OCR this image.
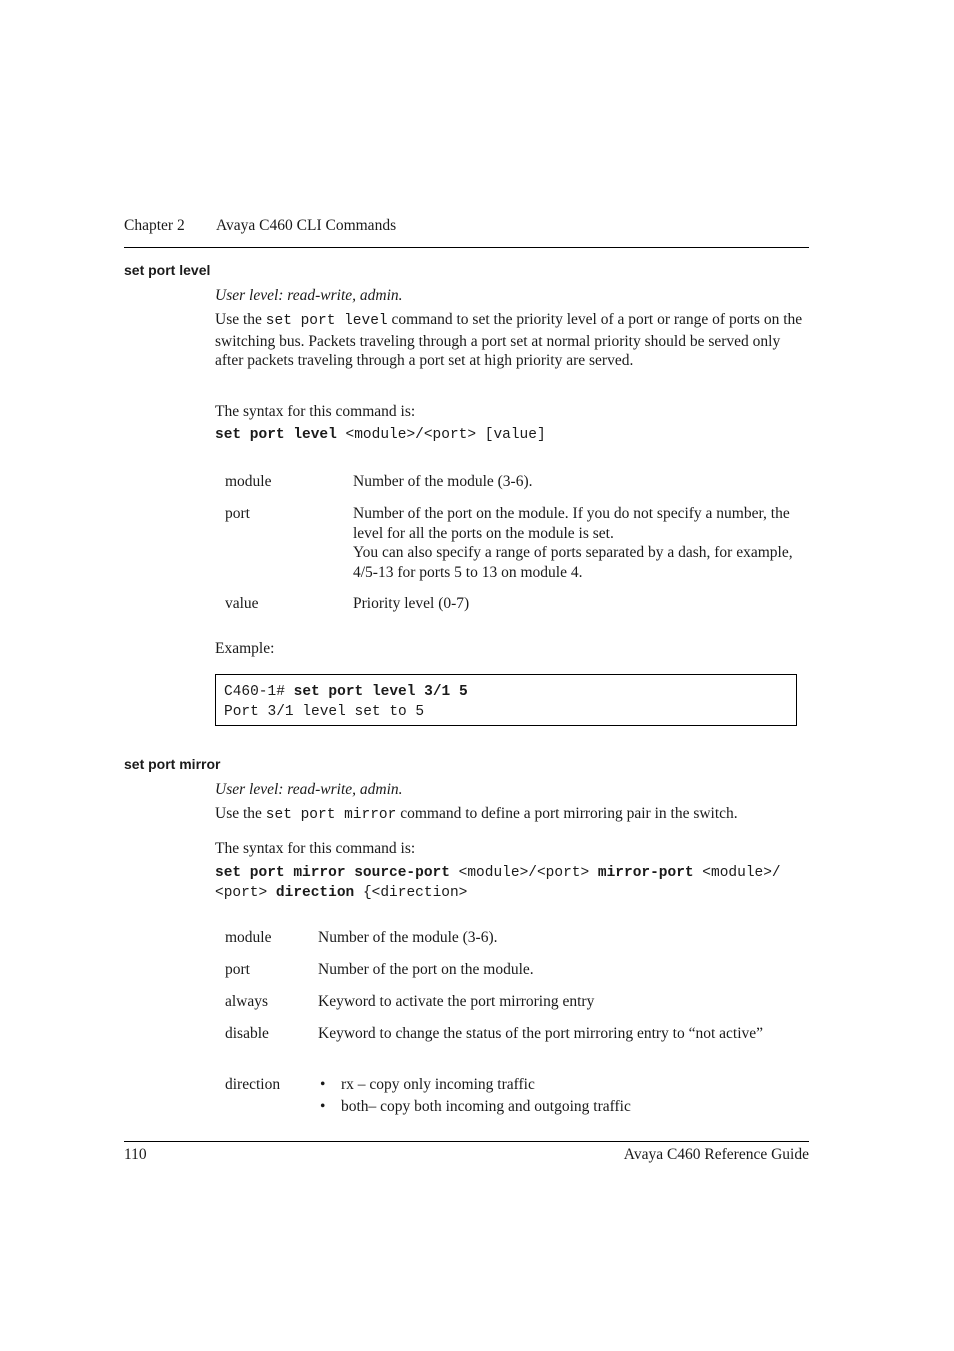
Chapter 2 Avaya C460 CLI Commands
set port level
User level: read-write, admin.
Use the set port level command to set the priority level of a port or range of ports on the switching bus. Packets traveling through a port set at normal priority should be served only after packets traveling through a port set at high priority are served.
The syntax for this command is:
set port level <module>/<port> [value]
module	Number of the module (3-6).
port	Number of the port on the module. If you do not specify a number, the level for all the ports on the module is set.
You can also specify a range of ports separated by a dash, for example, 4/5-13 for ports 5 to 13 on module 4.
value	Priority level (0-7)
Example:
C460-1# set port level 3/1 5
Port 3/1 level set to 5
set port mirror
User level: read-write, admin.
Use the set port mirror command to define a port mirroring pair in the switch.
The syntax for this command is:
set port mirror source-port <module>/<port> mirror-port <module>/
<port> direction {<direction>
module	Number of the module (3-6).
port	Number of the port on the module.
always	Keyword to activate the port mirroring entry
disable	Keyword to change the status of the port mirroring entry to “not active”
direction
•	rx – copy only incoming traffic
• both– copy both incoming and outgoing traffic
110	Avaya C460 Reference Guide
